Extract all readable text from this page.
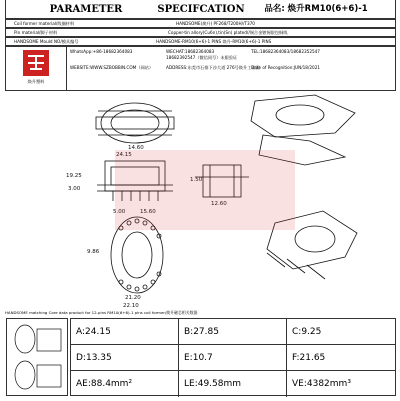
PARAMETER	SPECIFCATION	品名: 焕升RM10(6+6)-1
Coil former material/线圈材料	HANDSOME(焕升) PF268/T200H//T370
Pin material/脚子材料	Copper-tin allory(Cu6n),tin(Sn) plated//铜合金镀锡银包铜线
HANDSOME Mould NO/模具编号	HANDSOME-RM10(6+6)-1 PINS 焕升-RM10(6+6)-1 PINS
焕升塑料
WhatsApp:+86-18682364083	WECHAT:18682364083
18682392547（微信同号）未限验证
TEL:18682364083/18682352547
WEBSITE:WWW.SZBOBBIN.COM（网站）	ADDRESS:东莞市石排下沙大道 276号焕升工业园
Date of Recognition:JUN/18/2021
14.60
24.15
19.25
3.00
5.00	15.60
1.50
12.60
21.20
22.10
9.86
HANDSOME matching Core data product for 12-pins RM10(6+6)-1 pins coil former/焕升磁芯相关数据
A:24.15	B:27.85	C:9.25
D:13.35	E:10.7	F:21.65
AE:88.4mm²	LE:49.58mm	VE:4382mm³
